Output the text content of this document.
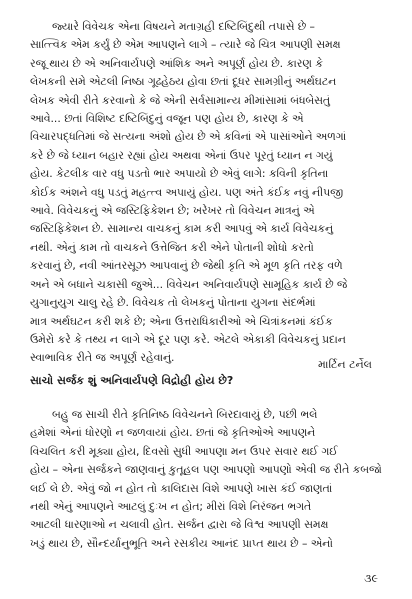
જ્યારે વિવેચક એના વિષયને મતાગ્રહી દષ્ટિબિંદુથી તપાસે છે –
સાત્ત્વિક એમ કર્યું છે એમ આપણને લાગે – ત્યારે જે ચિત્ર આપણી સમક્ષ
રજૂ થાય છે એ અનિવાર્યપણે આંશિક અને અપૂર્ણ હોય છે. કારણ કે
લેખકની સમે એટલી નિષ્ઠા ગૂઢહેઠય હોવા છતાં દૂધર સામગ્રીનું અર્થઘટન
લેખક એવી રીતે કરવાનો કે જે એની સર્વસામાન્ય મીમાંસામાં બંધબેસતું
આવે... છતાં વિશિષ્ટ દષ્ટિબિંદુનું વજૂન પણ હોય છે, કારણ કે એ
વિચારપદ્ધતિમાં જે સત્યના અંશો હોય છે એ કવિનાં એ પાસાંઓને અળગાં
કરે છે જે ધ્યાન બહાર રહ્યાં હોય અથવા એનાં ઉપર પૂરતું ધ્યાન ન ગયું
હોય. કેટલીક વાર વધુ પડતો ભાર અપાયો છે એવું લાગે: કવિની કૃતિના
કોઈક અંશને વધુ પડતું મહત્ત્વ અપાયું હોય. પણ અંતે કંઈક નવું નીપજી
આવે. વિવેચકનું એ જસ્ટિફિકેશન છે; ખરેખર તો વિવેચન માત્રનું એ
જસ્ટિફિકેશન છે. સામાન્ય વાચકનું કામ કરી આપવું એ કાર્ય વિવેચકનું
નથી. એનું કામ તો વાચકને ઉત્તેજિત કરી એને પોતાની શોધો કરતો
કરવાનું છે, નવી આંતરસૂઝ આપવાનું છે જેથી કૃતિ એ મૂળ કૃતિ તરફ વળે
અને એ બધાને ચકાસી જુએ... વિવેચન અનિવાર્યપણે સામૂહિક કાર્ય છે જે
યુગાનુયુગ ચાલુ રહે છે. વિવેચક તો લેખકનું પોતાના યુગના સંદર્ભમાં
માત્ર અર્થઘટન કરી શકે છે; એના ઉત્તરાધિકારીઓ એ ચિત્રાંકનમાં કંઈક
ઉમેરો કરે કે તથ્ય ન લાગે એ દૂર પણ કરે. એટલે એકાકી વિવેચકનું પ્રદાન
સ્વાભાવિક રીતે જ અપૂર્ણ રહેવાનું.

માર્ટિન ટર્નેલ
સાચો સર્જક શું અનિવાર્યપણે વિદ્રોહી હોય છે?

બહુ જ સાચી રીતે કૃતિનિષ્ઠ વિવેચનને બિરદાવાયું છે, પછી ભલે
હમેશાં એનાં ધોરણો ન જળવાયાં હોય. છતાં જે કૃતિઓએ આપણને
વિચલિત કરી મૂક્યા હોય, દિવસો સુધી આપણા મન ઉપર સવાર થઈ ગઈ
હોય – એના સર્જકને જાણવાનું કુતૂહલ પણ આપણો આપણો એવી જ રીતે કબજો
લઈ લે છે. એવું જો ન હોત તો કાલિદાસ વિશે આપણે ખાસ કંઈ જાણતાં
નથી એનું આપણને આટલું દુઃખ ન હોત; મીરાં વિશે નિરંજન ભગતે
આટલી ધારણાઓ ન ચલાવી હોત. સર્જન દ્વારા જે વિશ્વ આપણી સમક્ષ
ખડું થાય છે, સૌન્દર્યાનુભૂતિ અને રસકીય આનંદ પ્રાપ્ત થાય છે – એનો

૩૯
